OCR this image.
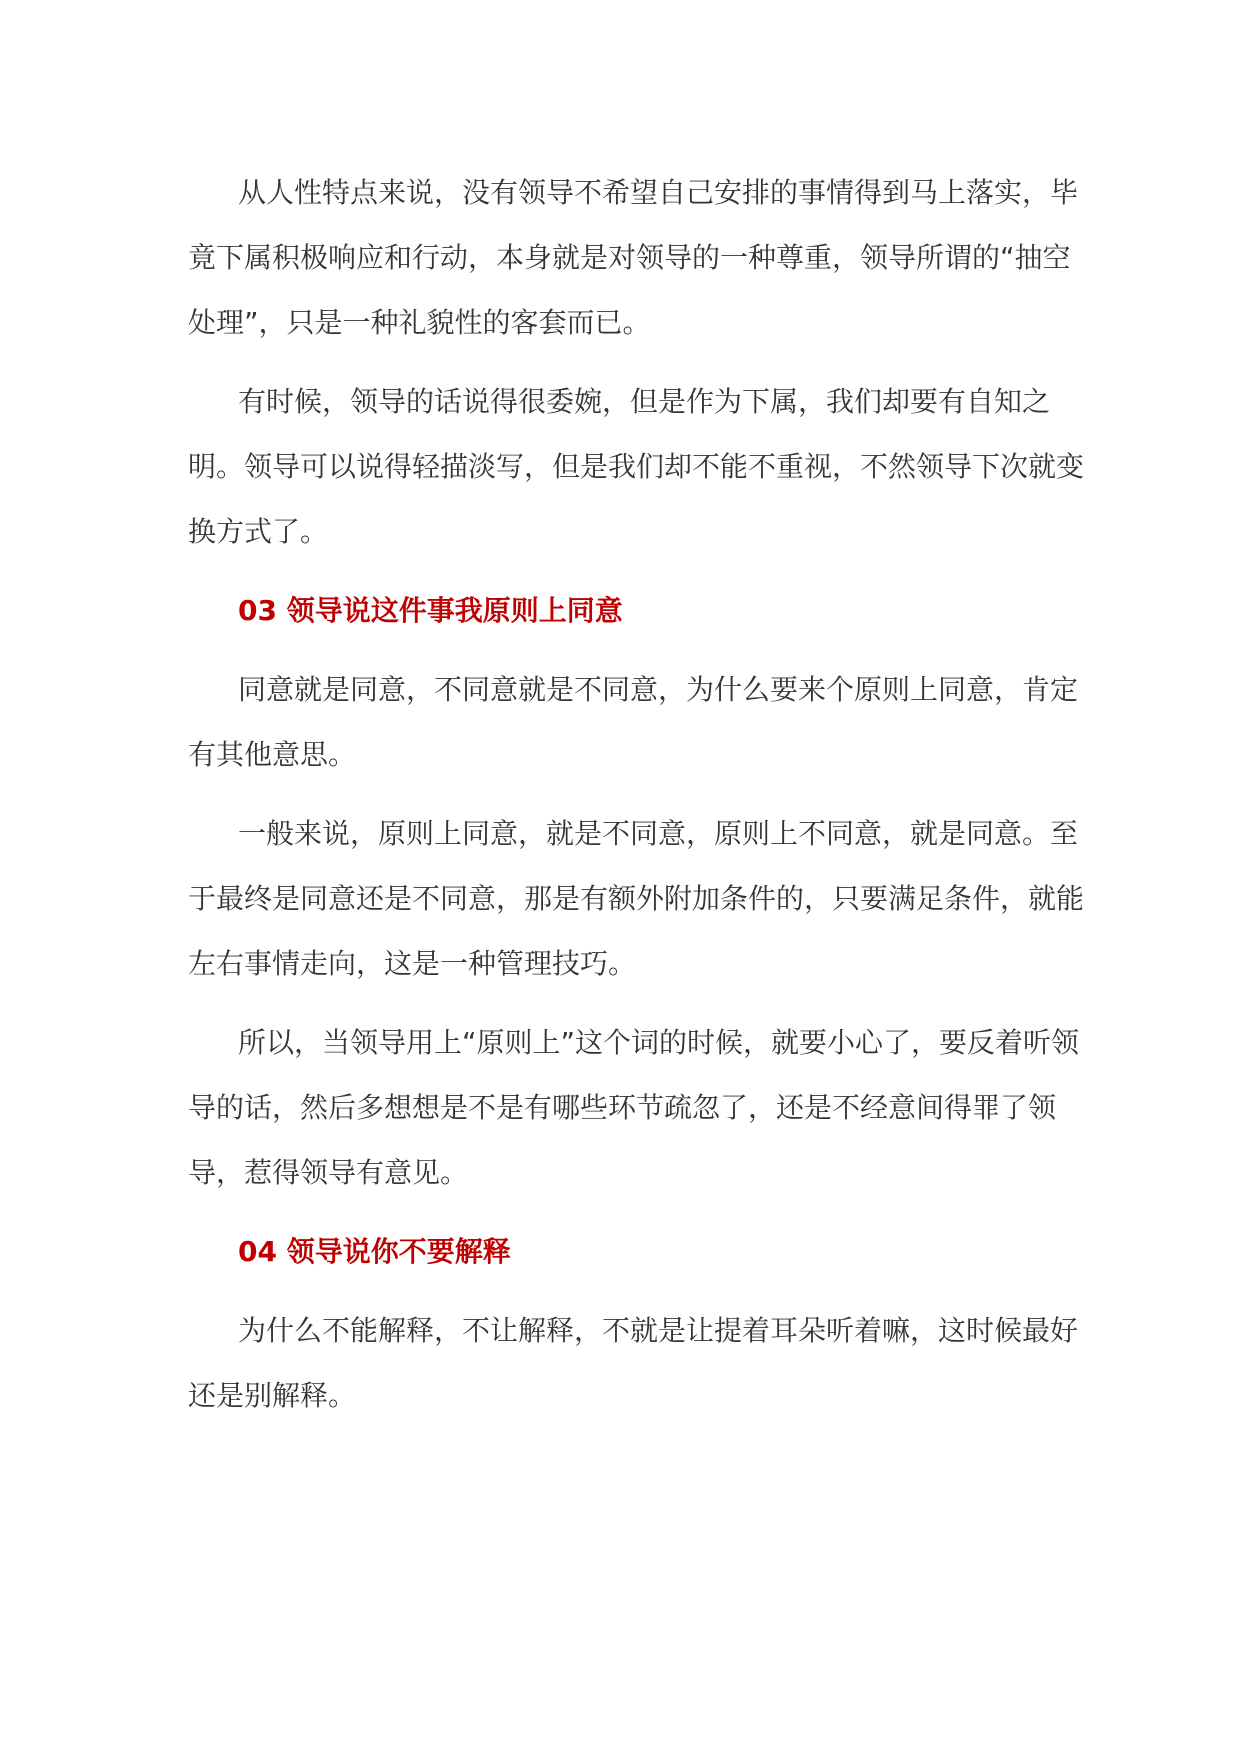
从人性特点来说，没有领导不希望自己安排的事情得到马上落实，毕竟下属积极响应和行动，本身就是对领导的一种尊重，领导所谓的“抽空处理”，只是一种礼貌性的客套而已。

有时候，领导的话说得很委婉，但是作为下属，我们却要有自知之明。领导可以说得轻描淡写，但是我们却不能不重视，不然领导下次就变换方式了。

03 领导说这件事我原则上同意

同意就是同意，不同意就是不同意，为什么要来个原则上同意，肯定有其他意思。

一般来说，原则上同意，就是不同意，原则上不同意，就是同意。至于最终是同意还是不同意，那是有额外附加条件的，只要满足条件，就能左右事情走向，这是一种管理技巧。

所以，当领导用上“原则上”这个词的时候，就要小心了，要反着听领导的话，然后多想想是不是有哪些环节疏忽了，还是不经意间得罪了领导，惹得领导有意见。

04 领导说你不要解释

为什么不能解释，不让解释，不就是让提着耳朵听着嘛，这时候最好还是别解释。
